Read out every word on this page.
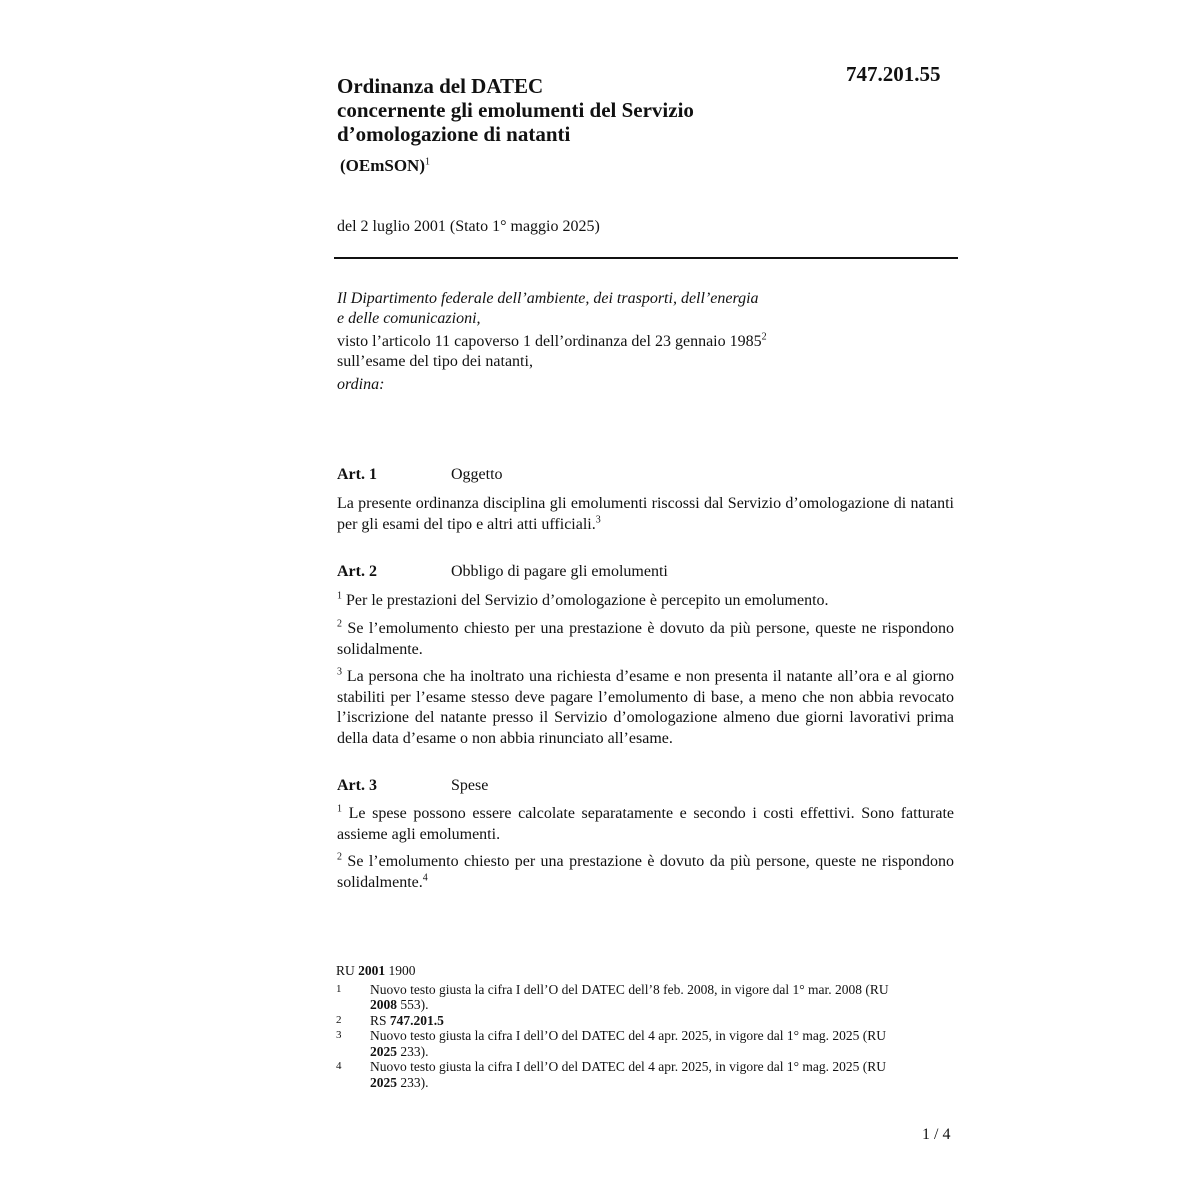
747.201.55
Ordinanza del DATEC
concernente gli emolumenti del Servizio
d’omologazione di natanti
(OEmSON)$^1$
del 2 luglio 2001 (Stato 1° maggio 2025)
Il Dipartimento federale dell’ambiente, dei trasporti, dell’energia
e delle comunicazioni,
visto l’articolo 11 capoverso 1 dell’ordinanza del 23 gennaio 1985$^2$
sull’esame del tipo dei natanti,
ordina:
Art. 1	Oggetto
La presente ordinanza disciplina gli emolumenti riscossi dal Servizio d’omologazione di natanti per gli esami del tipo e altri atti ufficiali.$^3$
Art. 2	Obbligo di pagare gli emolumenti
$^1$ Per le prestazioni del Servizio d’omologazione è percepito un emolumento.
$^2$ Se l’emolumento chiesto per una prestazione è dovuto da più persone, queste ne rispondono solidalmente.
$^3$ La persona che ha inoltrato una richiesta d’esame e non presenta il natante all’ora e al giorno stabiliti per l’esame stesso deve pagare l’emolumento di base, a meno che non abbia revocato l’iscrizione del natante presso il Servizio d’omologazione almeno due giorni lavorativi prima della data d’esame o non abbia rinunciato all’esame.
Art. 3	Spese
$^1$ Le spese possono essere calcolate separatamente e secondo i costi effettivi. Sono fatturate assieme agli emolumenti.
$^2$ Se l’emolumento chiesto per una prestazione è dovuto da più persone, queste ne rispondono solidalmente.$^4$
RU 2001 1900
1	Nuovo testo giusta la cifra I dell’O del DATEC dell’8 feb. 2008, in vigore dal 1° mar. 2008 (RU 2008 553).
2	RS 747.201.5
3	Nuovo testo giusta la cifra I dell’O del DATEC del 4 apr. 2025, in vigore dal 1° mag. 2025 (RU 2025 233).
4	Nuovo testo giusta la cifra I dell’O del DATEC del 4 apr. 2025, in vigore dal 1° mag. 2025 (RU 2025 233).
1 / 4
